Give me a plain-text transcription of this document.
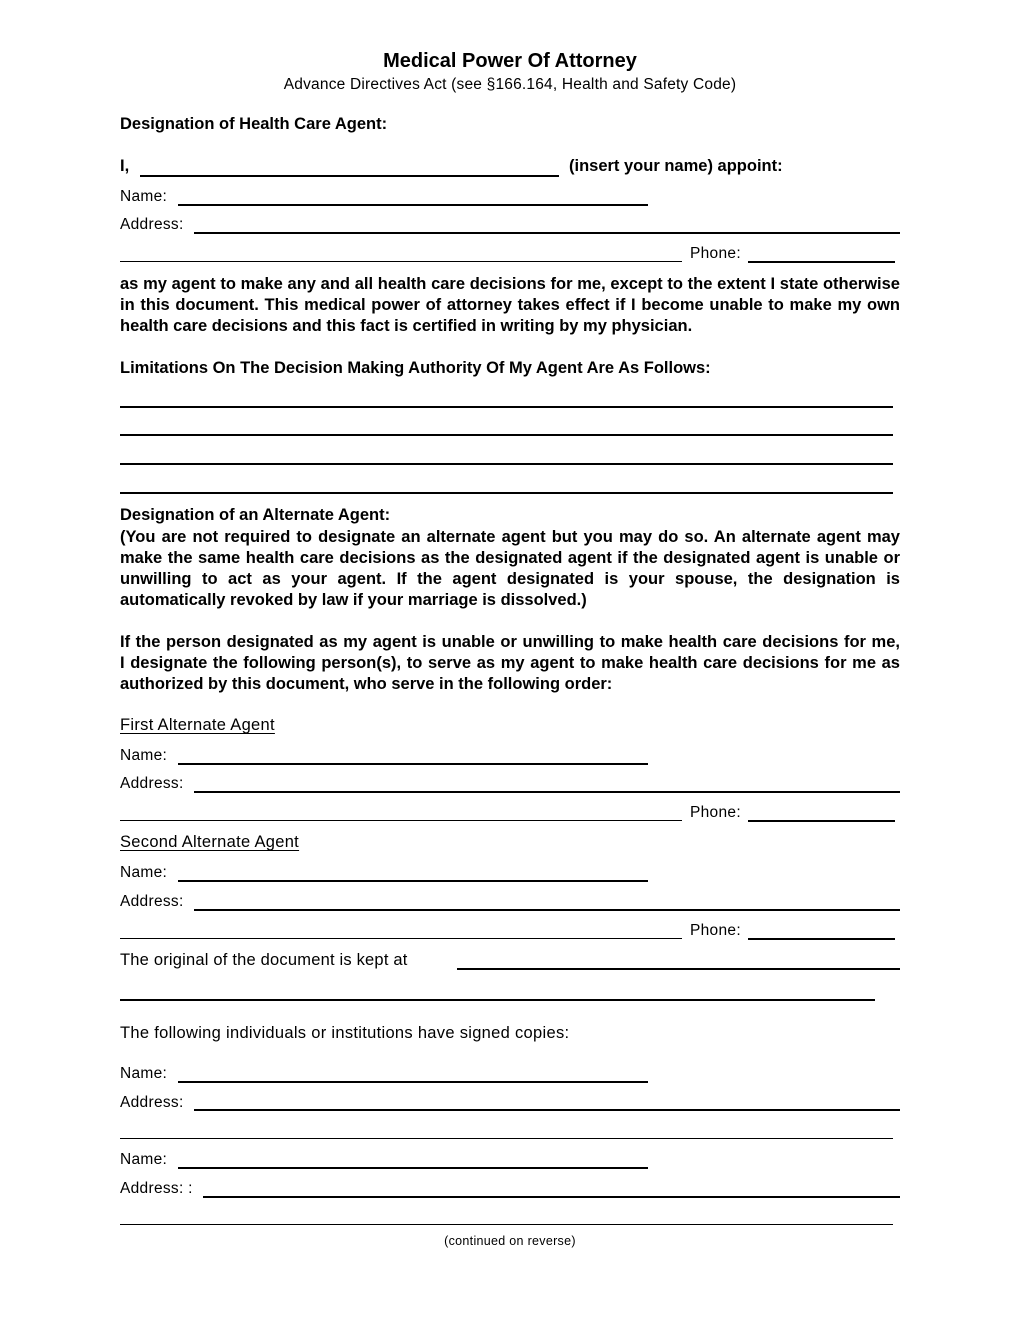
Medical Power Of Attorney
Advance Directives Act (see §166.164, Health and Safety Code)
Designation of Health Care Agent:
I,	(insert your name) appoint:
Name:
Address:
Phone:
as my agent to make any and all health care decisions for me, except to the extent I state otherwise
in this document. This medical power of attorney takes effect if I become unable to make my own
health care decisions and this fact is certified in writing by my physician.
Limitations On The Decision Making Authority Of My Agent Are As Follows:
Designation of an Alternate Agent:
(You are not required to designate an alternate agent but you may do so. An alternate agent may
make the same health care decisions as the designated agent if the designated agent is unable or
unwilling to act as your agent. If the agent designated is your spouse, the designation is
automatically revoked by law if your marriage is dissolved.)
If the person designated as my agent is unable or unwilling to make health care decisions for me,
I designate the following person(s), to serve as my agent to make health care decisions for me as
authorized by this document, who serve in the following order:
First Alternate Agent
Name:
Address:
Phone:
Second Alternate Agent
Name:
Address:
Phone:
The original of the document is kept at
The following individuals or institutions have signed copies:
Name:
Address:
Name:
Address: :
(continued on reverse)
